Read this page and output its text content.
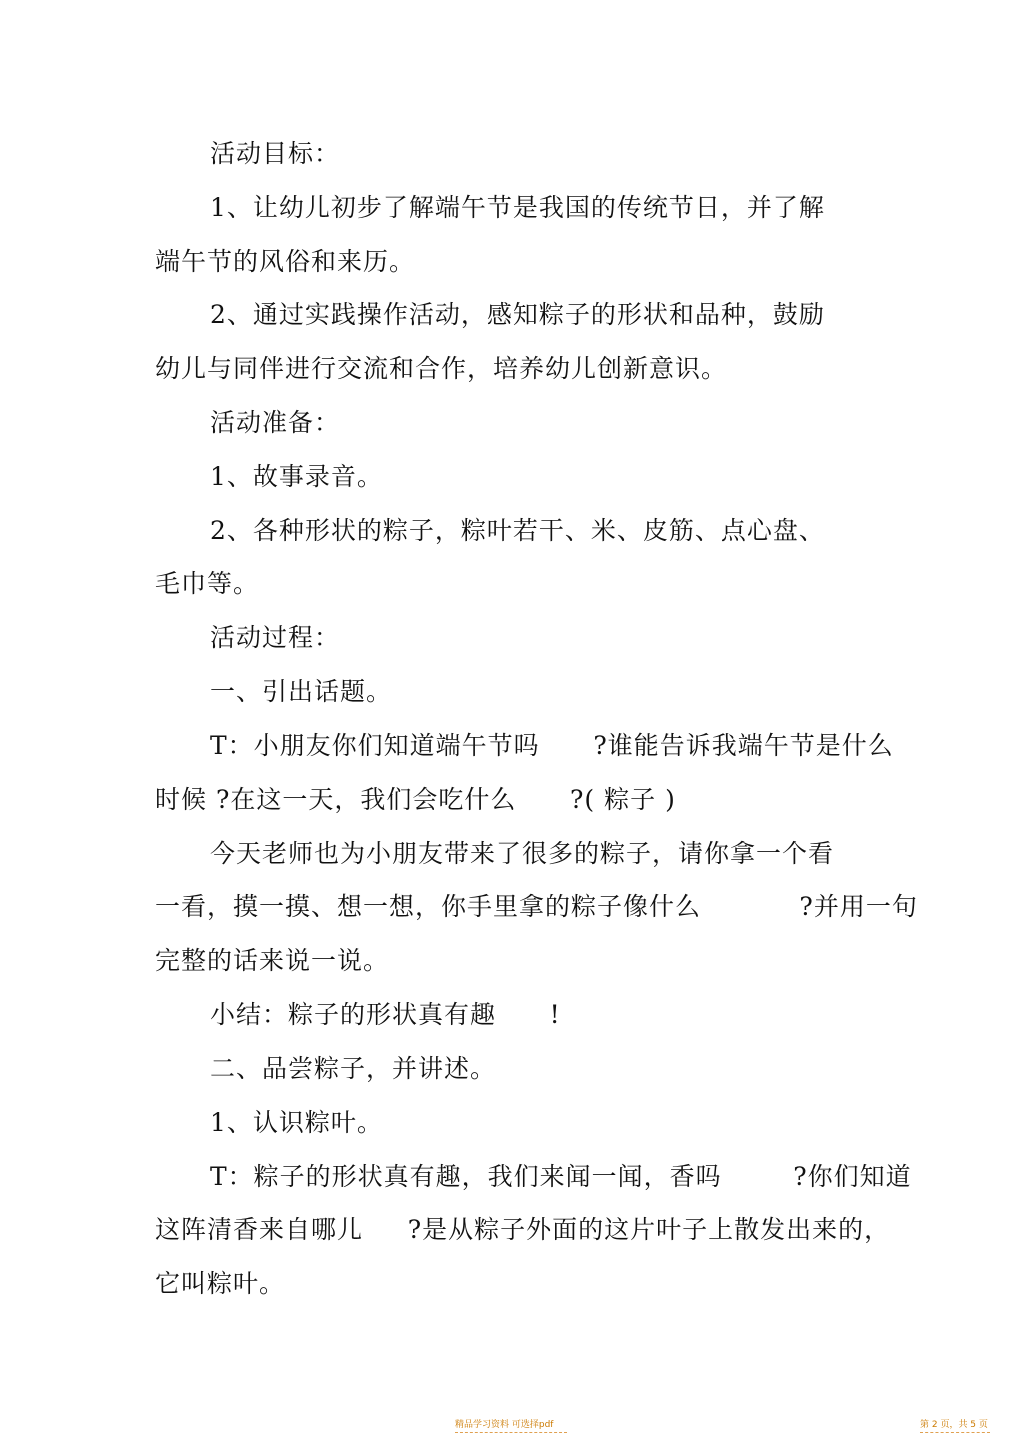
活动目标：
1、让幼儿初步了解端午节是我国的传统节日，并了解
端午节的风俗和来历。
2、通过实践操作活动，感知粽子的形状和品种，鼓励
幼儿与同伴进行交流和合作，培养幼儿创新意识。
活动准备：
1、故事录音。
2、各种形状的粽子，粽叶若干、米、皮筋、点心盘、
毛巾等。
活动过程：
一、引出话题。
T：小朋友你们知道端午节吗      ?谁能告诉我端午节是什么
时候 ?在这一天，我们会吃什么      ?( 粽子 )
今天老师也为小朋友带来了很多的粽子，请你拿一个看
一看，摸一摸、想一想，你手里拿的粽子像什么           ?并用一句
完整的话来说一说。
小结：粽子的形状真有趣      !
二、品尝粽子，并讲述。
1、认识粽叶。
T：粽子的形状真有趣，我们来闻一闻，香吗        ?你们知道
这阵清香来自哪儿     ?是从粽子外面的这片叶子上散发出来的，
它叫粽叶。
精品学习资料 可选择pdf	第 2 页，共 5 页
